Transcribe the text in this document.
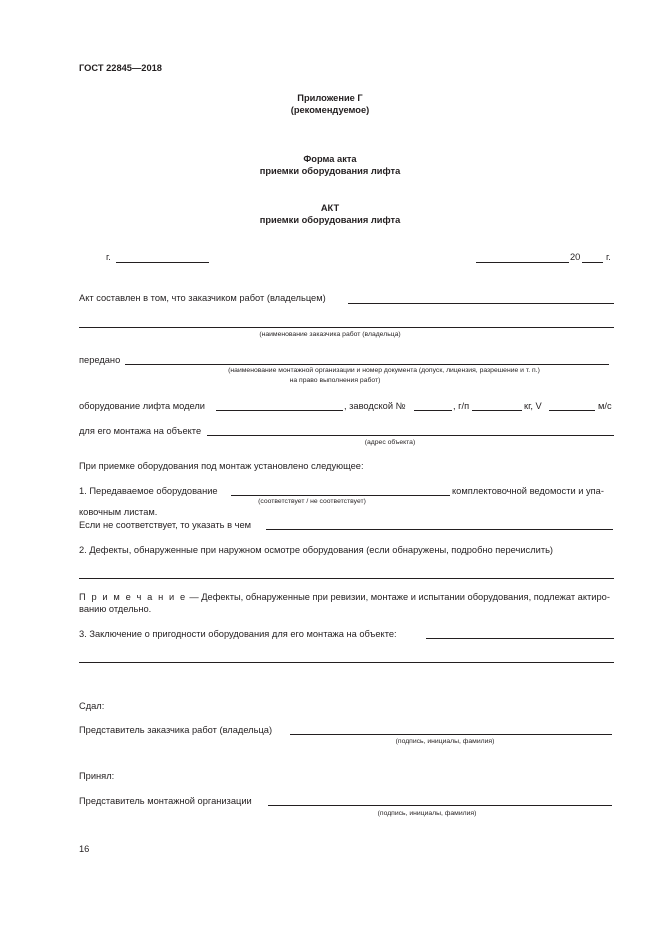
ГОСТ 22845—2018
Приложение Г
(рекомендуемое)
Форма акта
приемки оборудования лифта
АКТ
приемки оборудования лифта
г.	20	г.
Акт составлен в том, что заказчиком работ (владельцем)
(наименование заказчика работ (владельца)
передано
(наименование монтажной организации и номер документа (допуск, лицензия, разрешение и т. п.)
на право выполнения работ)
оборудование лифта модели	, заводской №	, г/п	кг, V	м/с
для его монтажа на объекте
(адрес объекта)
При приемке оборудования под монтаж установлено следующее:
1. Передаваемое оборудование
(соответствует / не соответствует)
комплектовочной ведомости и упа-
ковочным листам.
Если не соответствует, то указать в чем
2. Дефекты, обнаруженные при наружном осмотре оборудования (если обнаружены, подробно перечислить)
П р и м е ч а н и е — Дефекты, обнаруженные при ревизии, монтаже и испытании оборудования, подлежат актиро-
ванию отдельно.
3. Заключение о пригодности оборудования для его монтажа на объекте:
Сдал:
Представитель заказчика работ (владельца)
(подпись, инициалы, фамилия)
Принял:
Представитель монтажной организации
(подпись, инициалы, фамилия)
16
